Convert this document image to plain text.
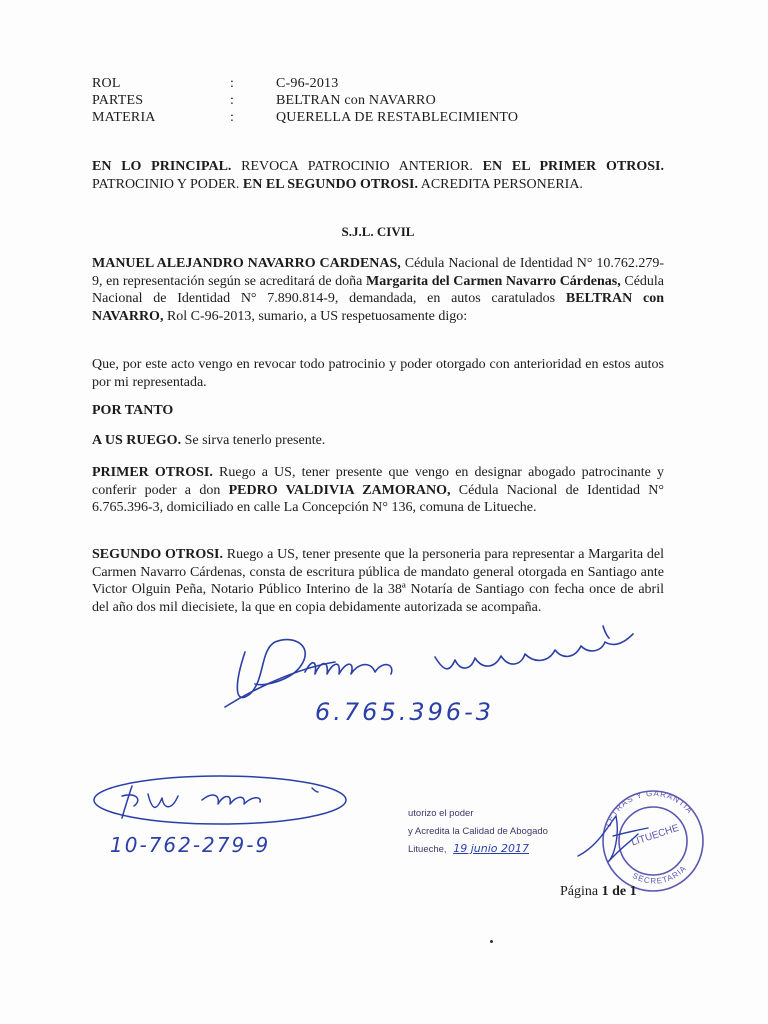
ROL	:	C-96-2013
PARTES	:	BELTRAN con NAVARRO
MATERIA	:	QUERELLA DE RESTABLECIMIENTO
EN LO PRINCIPAL. REVOCA PATROCINIO ANTERIOR. EN EL PRIMER OTROSI. PATROCINIO Y PODER. EN EL SEGUNDO OTROSI. ACREDITA PERSONERIA.
S.J.L. CIVIL
MANUEL ALEJANDRO NAVARRO CARDENAS, Cédula Nacional de Identidad N° 10.762.279-9, en representación según se acreditará de doña Margarita del Carmen Navarro Cárdenas, Cédula Nacional de Identidad N° 7.890.814-9, demandada, en autos caratulados BELTRAN con NAVARRO, Rol C-96-2013, sumario, a US respetuosamente digo:
Que, por este acto vengo en revocar todo patrocinio y poder otorgado con anterioridad en estos autos por mi representada.
POR TANTO
A US RUEGO. Se sirva tenerlo presente.
PRIMER OTROSI. Ruego a US, tener presente que vengo en designar abogado patrocinante y conferir poder a don PEDRO VALDIVIA ZAMORANO, Cédula Nacional de Identidad N° 6.765.396-3, domiciliado en calle La Concepción N° 136, comuna de Litueche.
SEGUNDO OTROSI. Ruego a US, tener presente que la personeria para representar a Margarita del Carmen Navarro Cárdenas, consta de escritura pública de mandato general otorgada en Santiago ante Victor Olguin Peña, Notario Público Interino de la 38ª Notaría de Santiago con fecha once de abril del año dos mil diecisiete, la que en copia debidamente autorizada se acompaña.
6.765.396-3
10-762-279-9
utorizo el poder
y Acredita la Calidad de Abogado
Litueche, 19 junio 2017
LETRAS Y GARANTIA
SECRETARIA
LITUECHE
Página 1 de 1
